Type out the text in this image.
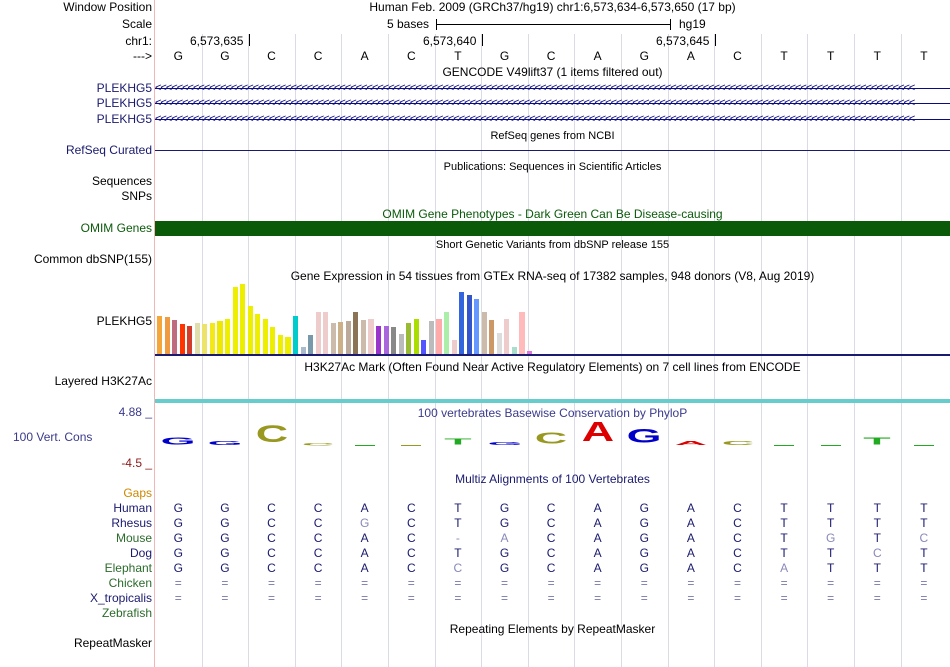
Window Position	Human Feb. 2009 (GRCh37/hg19) chr1:6,573,634-6,573,650 (17 bp)
Scale	5 bases	hg19
chr1:	6,573,635	6,573,640	6,573,645
--->	G	G	C	C	A	C	T	G	C	A	G	A	C	T	T	T	T
GENCODE V49lift37 (1 items filtered out)
PLEKHG5 <<<<<<<<<<<<<<<<<<<<<<<<<<<<<<<<<<<<<<<<<<<<<<<<<<<<<<<<<<<<<<<<<<<<<<<<<<<<<<<<<<<<<<<<<<<<<<<<<<<<<<<<<<<<<<<<<<<<<<<<<<<<<<<<<<<<<<<<<<<<
PLEKHG5 <<<<<<<<<<<<<<<<<<<<<<<<<<<<<<<<<<<<<<<<<<<<<<<<<<<<<<<<<<<<<<<<<<<<<<<<<<<<<<<<<<<<<<<<<<<<<<<<<<<<<<<<<<<<<<<<<<<<<<<<<<<<<<<<<<<<<<<<<<<<
PLEKHG5 <<<<<<<<<<<<<<<<<<<<<<<<<<<<<<<<<<<<<<<<<<<<<<<<<<<<<<<<<<<<<<<<<<<<<<<<<<<<<<<<<<<<<<<<<<<<<<<<<<<<<<<<<<<<<<<<<<<<<<<<<<<<<<<<<<<<<<<<<<<<
RefSeq genes from NCBI
RefSeq Curated
Publications: Sequences in Scientific Articles
Sequences
SNPs
OMIM Gene Phenotypes - Dark Green Can Be Disease-causing
OMIM Genes
Short Genetic Variants from dbSNP release 155
Common dbSNP(155)
Gene Expression in 54 tissues from GTEx RNA-seq of 17382 samples, 948 donors (V8, Aug 2019)
PLEKHG5
H3K27Ac Mark (Often Found Near Active Regulatory Elements) on 7 cell lines from ENCODE
Layered H3K27Ac
100 vertebrates Basewise Conservation by PhyloP
4.88 _
100 Vert. Cons
-4.5 _
G G C C	T G C A G A C	T
Multiz Alignments of 100 Vertebrates
Gaps
Human	G	G	C	C	A	C	T	G	C	A	G	A	C	T	T	T	T
Rhesus	G	G	C	C	G	C	T	G	C	A	G	A	C	T	T	T	T
Mouse	G	G	C	C	A	C	-	A	C	A	G	A	C	T	G	T	C
Dog	G	G	C	C	A	C	T	G	C	A	G	A	C	T	T	C	T
Elephant	G	G	C	C	A	C	C	G	C	A	G	A	C	A	T	T	T
Chicken	=	=	=	=	=	=	=	=	=	=	=	=	=	=	=	=	=
X_tropicalis	=	=	=	=	=	=	=	=	=	=	=	=	=	=	=	=	=
Zebrafish
Repeating Elements by RepeatMasker
RepeatMasker
